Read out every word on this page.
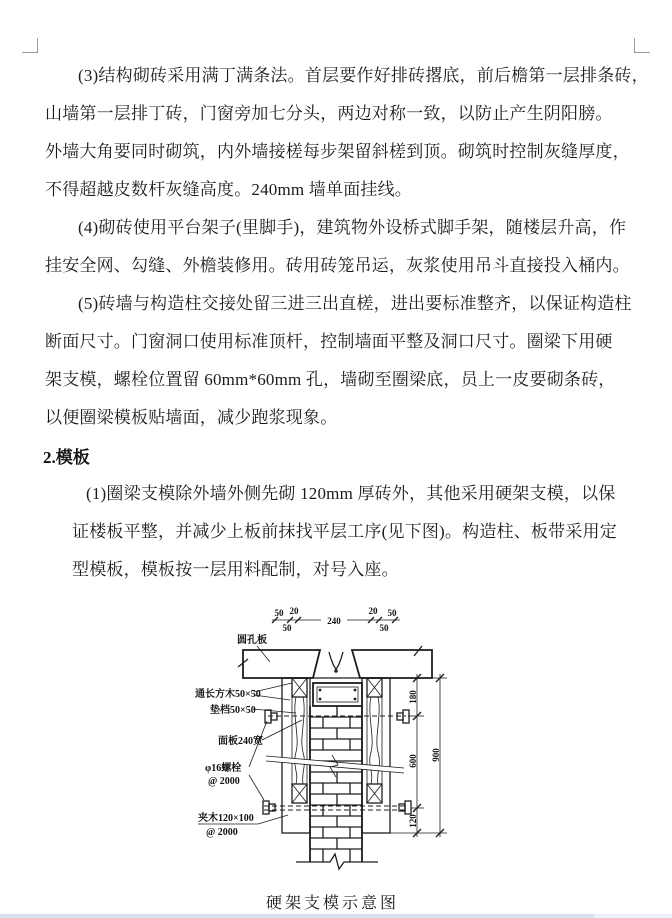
(3)结构砌砖采用满丁满条法。首层要作好排砖撂底，前后檐第一层排条砖，
山墙第一层排丁砖，门窗旁加七分头，两边对称一致，以防止产生阴阳膀。
外墙大角要同时砌筑，内外墙接槎每步架留斜槎到顶。砌筑时控制灰缝厚度，
不得超越皮数杆灰缝高度。240mm 墙单面挂线。
(4)砌砖使用平台架子(里脚手)，建筑物外设桥式脚手架，随楼层升高，作
挂安全网、勾缝、外檐装修用。砖用砖笼吊运，灰浆使用吊斗直接投入桶内。
(5)砖墙与构造柱交接处留三进三出直槎，进出要标准整齐，以保证构造柱
断面尺寸。门窗洞口使用标准顶杆，控制墙面平整及洞口尺寸。圈梁下用硬
架支模，螺栓位置留 60mm*60mm 孔，墙砌至圈梁底，员上一皮要砌条砖，
以便圈梁模板贴墙面，减少跑浆现象。
2.模板
(1)圈梁支模除外墙外侧先砌 120mm 厚砖外，其他采用硬架支模，以保
证楼板平整，并减少上板前抹找平层工序(见下图)。构造柱、板带采用定
型模板，模板按一层用料配制，对号入座。
50 20
50
240
20 50
50
180
600
120
900
圆孔板
通长方木50×50
垫档50×50
面板240宽
φ16螺栓
@ 2000
夹木120×100
@ 2000
硬架支模示意图
